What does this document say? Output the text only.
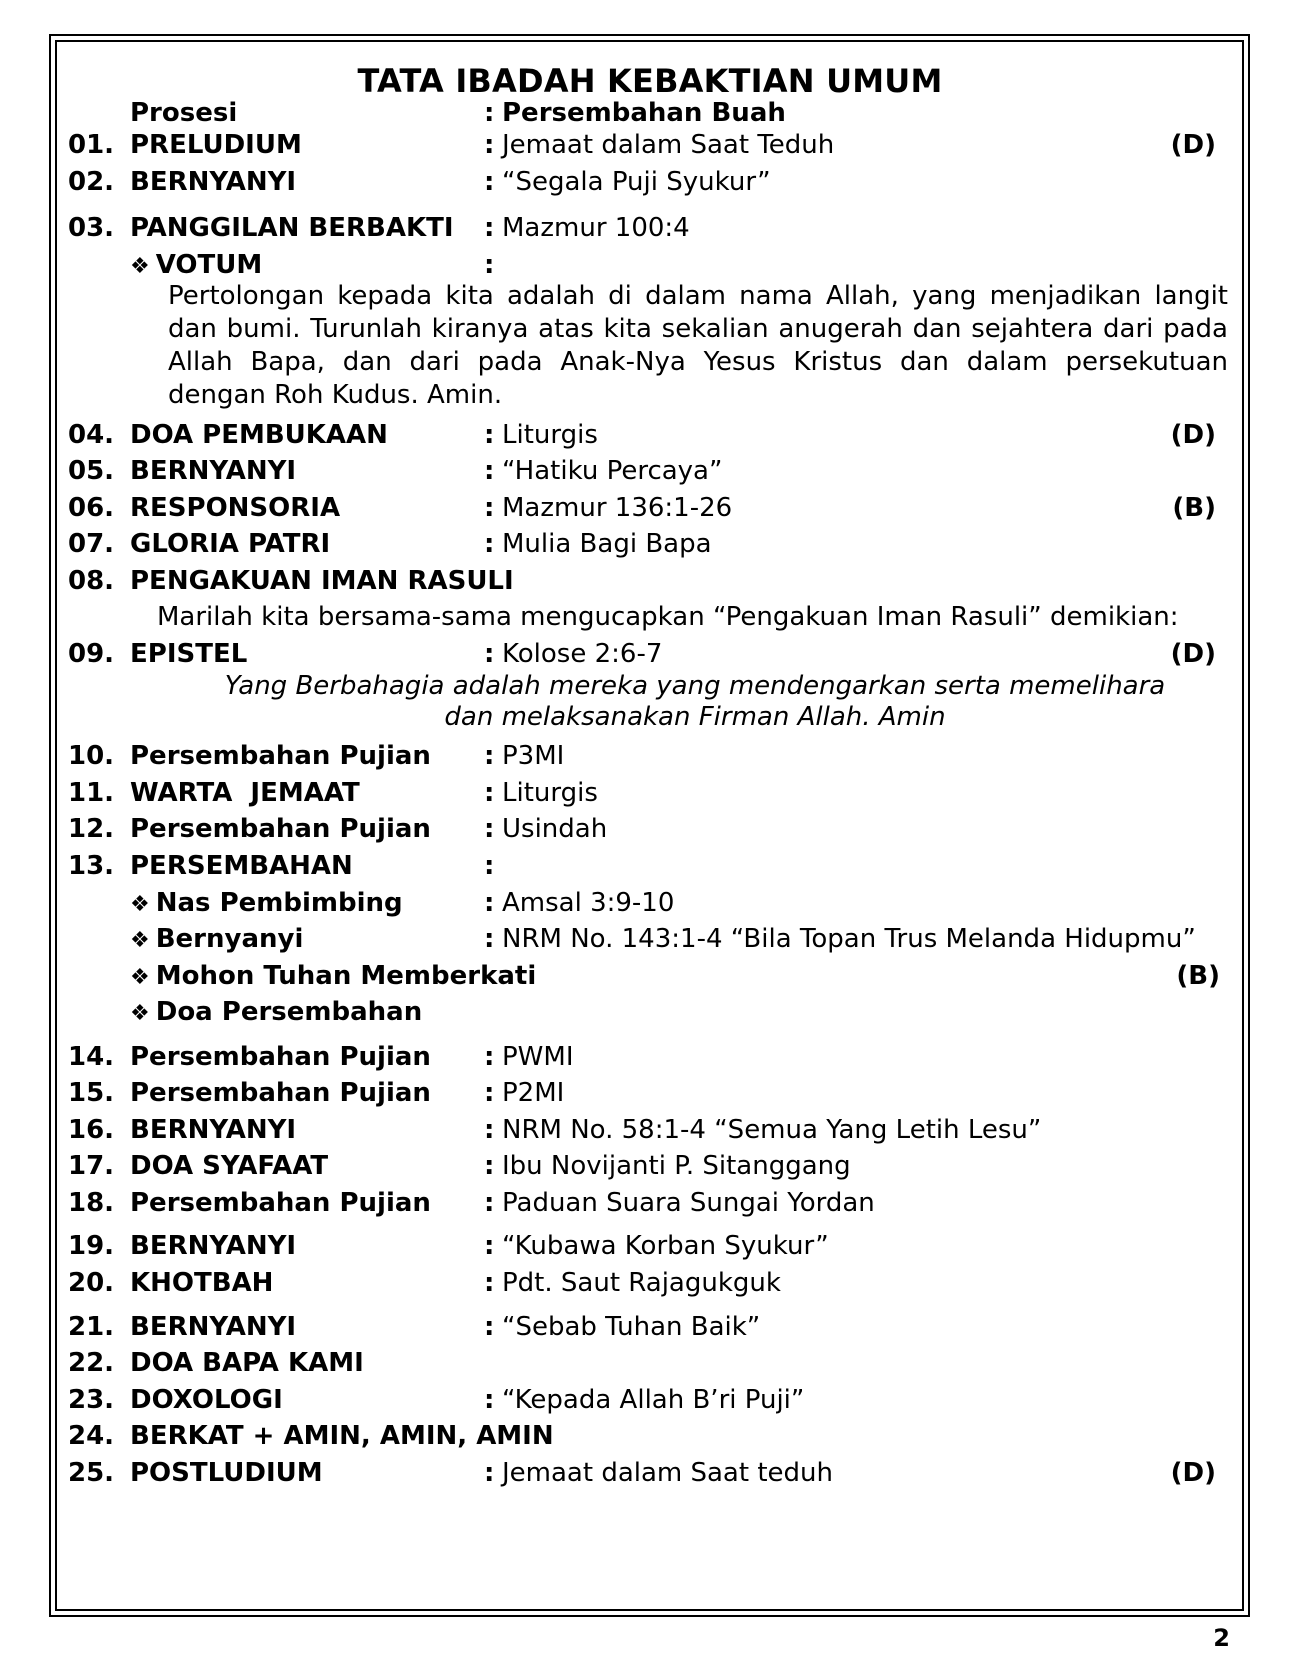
TATA IBADAH KEBAKTIAN UMUM
Prosesi	: Persembahan Buah
01. PRELUDIUM	: Jemaat dalam Saat Teduh	(D)
02. BERNYANYI	: “Segala Puji Syukur”
03. PANGGILAN BERBAKTI : Mazmur 100:4
❖ VOTUM	:
Pertolongan kepada kita adalah di dalam nama Allah, yang menjadikan langit dan bumi. Turunlah kiranya atas kita sekalian anugerah dan sejahtera dari pada Allah Bapa, dan dari pada Anak-Nya Yesus Kristus dan dalam persekutuan dengan Roh Kudus. Amin.
04. DOA PEMBUKAAN	: Liturgis	(D)
05. BERNYANYI	: “Hatiku Percaya”
06. RESPONSORIA	: Mazmur 136:1-26	(B)
07. GLORIA PATRI	: Mulia Bagi Bapa
08. PENGAKUAN IMAN RASULI
Marilah kita bersama-sama mengucapkan “Pengakuan Iman Rasuli” demikian:
09. EPISTEL	: Kolose 2:6-7	(D)
Yang Berbahagia adalah mereka yang mendengarkan serta memelihara
dan melaksanakan Firman Allah. Amin
10. Persembahan Pujian : P3MI
11. WARTA  JEMAAT	: Liturgis
12. Persembahan Pujian : Usindah
13. PERSEMBAHAN	:
❖ Nas Pembimbing	: Amsal 3:9-10
❖ Bernyanyi	: NRM No. 143:1-4 “Bila Topan Trus Melanda Hidupmu”
❖ Mohon Tuhan Memberkati	(B)
❖ Doa Persembahan
14. Persembahan Pujian : PWMI
15. Persembahan Pujian : P2MI
16. BERNYANYI	: NRM No. 58:1-4 “Semua Yang Letih Lesu”
17. DOA SYAFAAT	: Ibu Novijanti P. Sitanggang
18. Persembahan Pujian : Paduan Suara Sungai Yordan
19. BERNYANYI	: “Kubawa Korban Syukur”
20. KHOTBAH	: Pdt. Saut Rajagukguk
21. BERNYANYI	: “Sebab Tuhan Baik”
22. DOA BAPA KAMI
23. DOXOLOGI	: “Kepada Allah B’ri Puji”
24. BERKAT + AMIN, AMIN, AMIN
25. POSTLUDIUM	: Jemaat dalam Saat teduh	(D)
2
